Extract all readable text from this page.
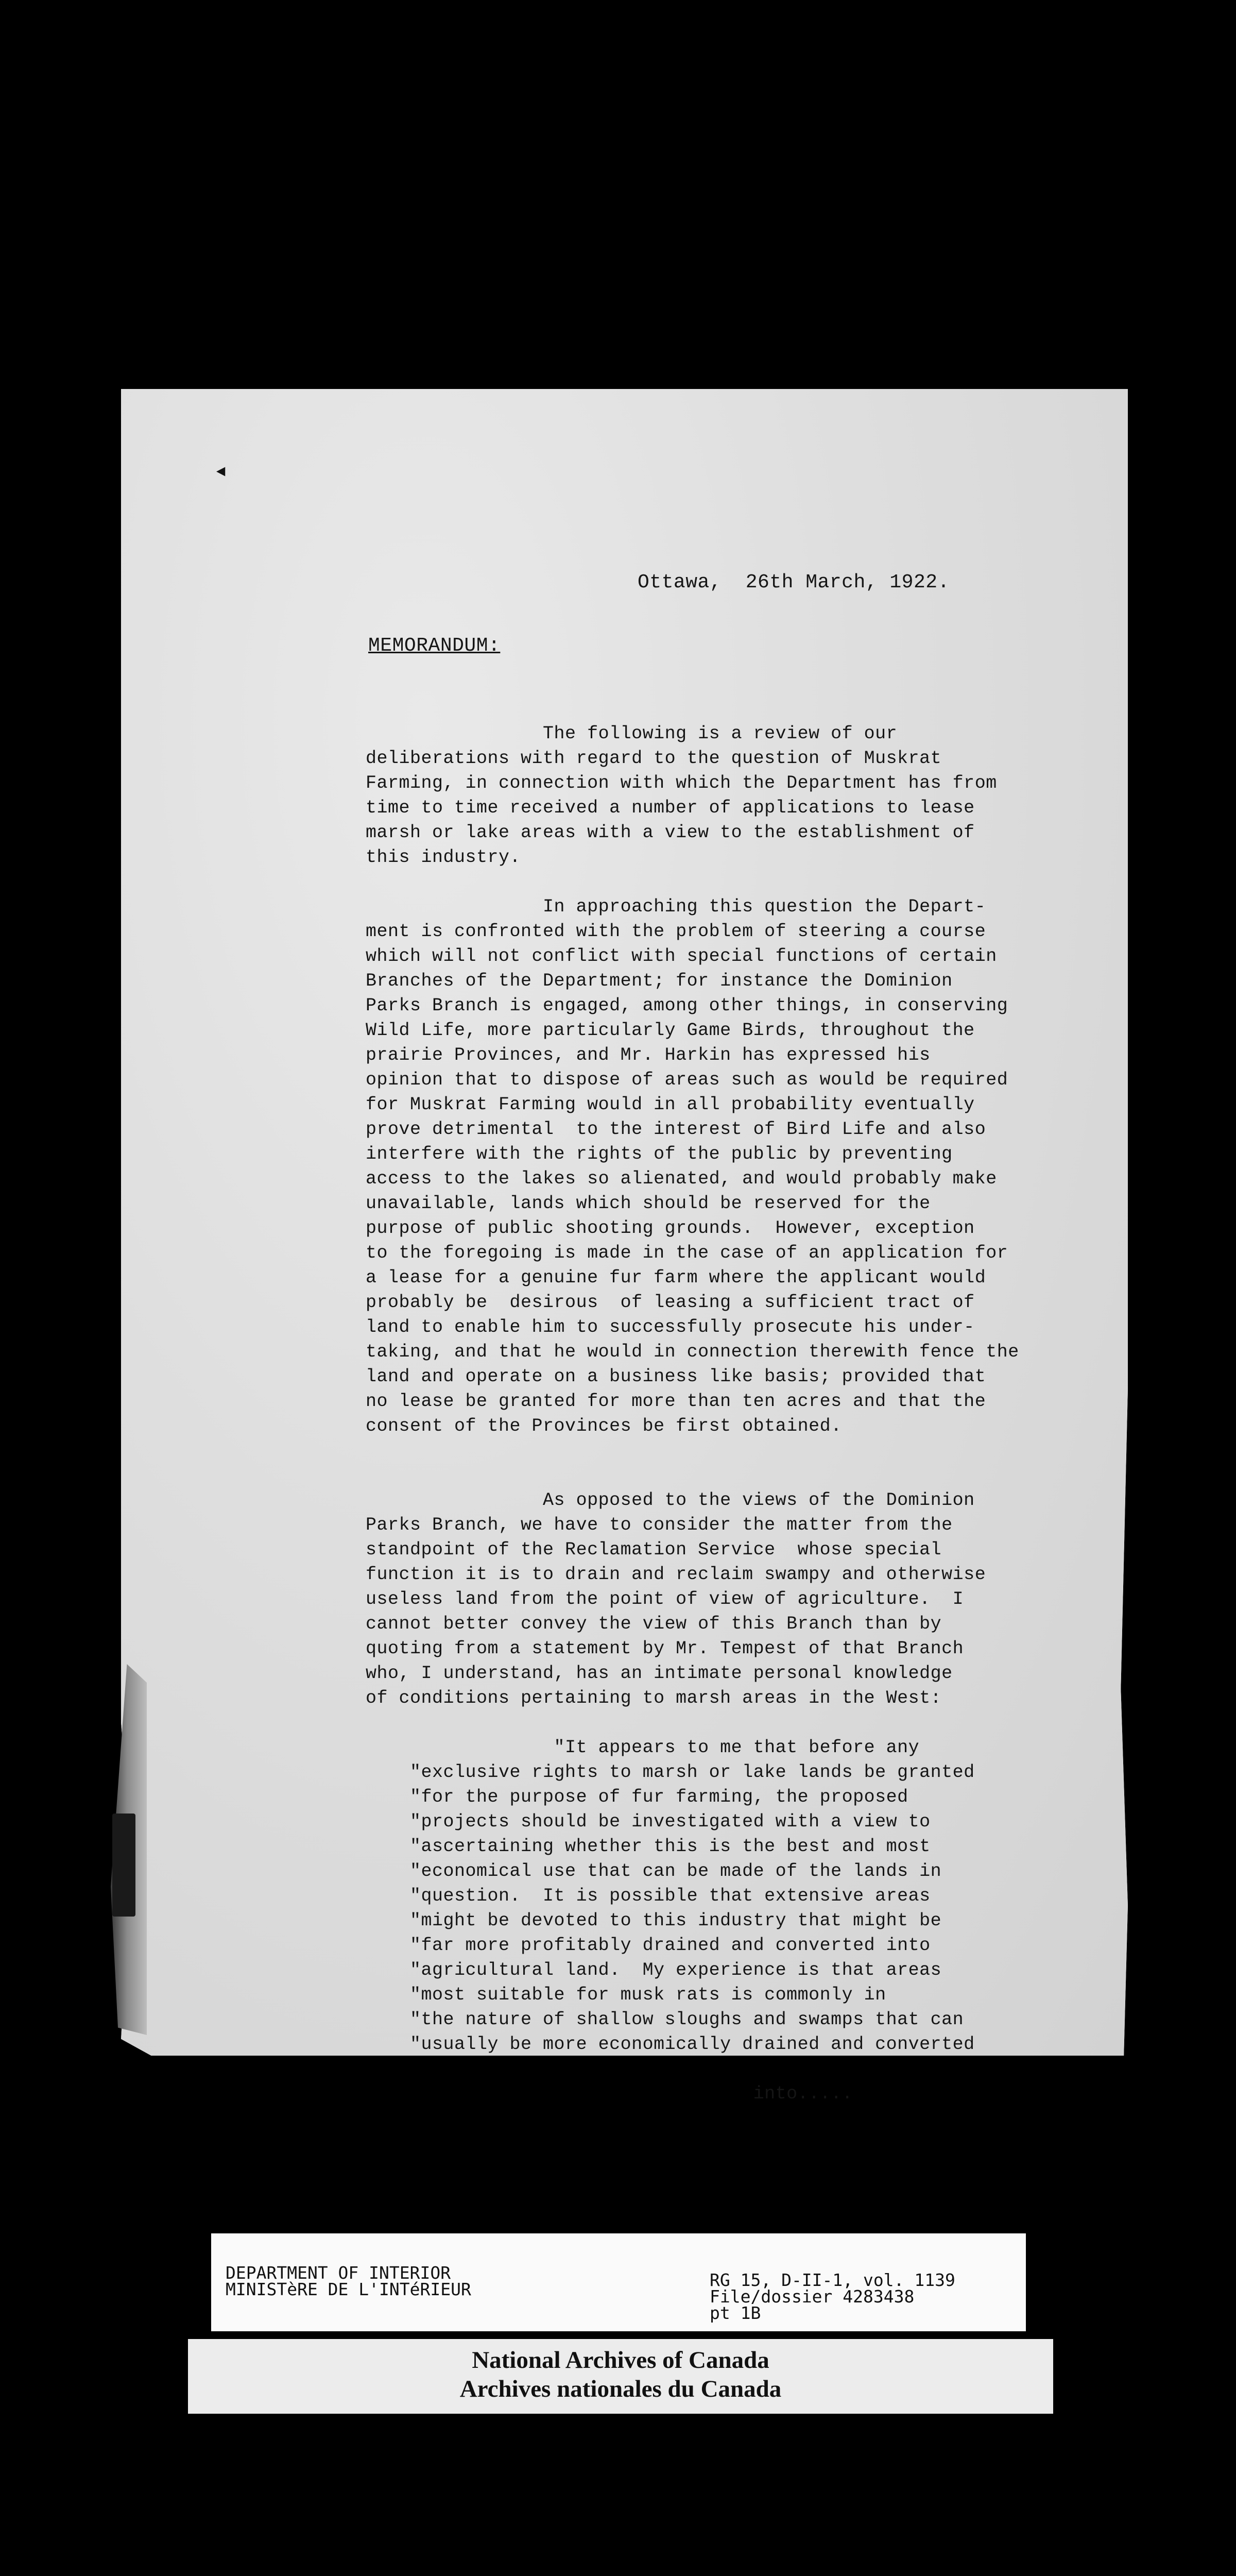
◄
Ottawa,  26th March, 1922.
MEMORANDUM:
The following is a review of our
deliberations with regard to the question of Muskrat
Farming, in connection with which the Department has from
time to time received a number of applications to lease
marsh or lake areas with a view to the establishment of
this industry.
In approaching this question the Depart-
ment is confronted with the problem of steering a course
which will not conflict with special functions of certain
Branches of the Department; for instance the Dominion
Parks Branch is engaged, among other things, in conserving
Wild Life, more particularly Game Birds, throughout the
prairie Provinces, and Mr. Harkin has expressed his
opinion that to dispose of areas such as would be required
for Muskrat Farming would in all probability eventually
prove detrimental  to the interest of Bird Life and also
interfere with the rights of the public by preventing
access to the lakes so alienated, and would probably make
unavailable, lands which should be reserved for the
purpose of public shooting grounds.  However, exception
to the foregoing is made in the case of an application for
a lease for a genuine fur farm where the applicant would
probably be  desirous  of leasing a sufficient tract of
land to enable him to successfully prosecute his under-
taking, and that he would in connection therewith fence the
land and operate on a business like basis; provided that
no lease be granted for more than ten acres and that the
consent of the Provinces be first obtained.
As opposed to the views of the Dominion
Parks Branch, we have to consider the matter from the
standpoint of the Reclamation Service  whose special
function it is to drain and reclaim swampy and otherwise
useless land from the point of view of agriculture.  I
cannot better convey the view of this Branch than by
quoting from a statement by Mr. Tempest of that Branch
who, I understand, has an intimate personal knowledge
of conditions pertaining to marsh areas in the West:
"It appears to me that before any
"exclusive rights to marsh or lake lands be granted
"for the purpose of fur farming, the proposed
"projects should be investigated with a view to
"ascertaining whether this is the best and most
"economical use that can be made of the lands in
"question.  It is possible that extensive areas
"might be devoted to this industry that might be
"far more profitably drained and converted into
"agricultural land.  My experience is that areas
"most suitable for musk rats is commonly in
"the nature of shallow sloughs and swamps that can
"usually be more economically drained and converted
into.....
DEPARTMENT OF INTERIOR
MINISTèRE DE L'INTéRIEUR	RG 15, D-II-1, vol. 1139
File/dossier 4283438
pt 1B
National Archives of Canada
Archives nationales du Canada
